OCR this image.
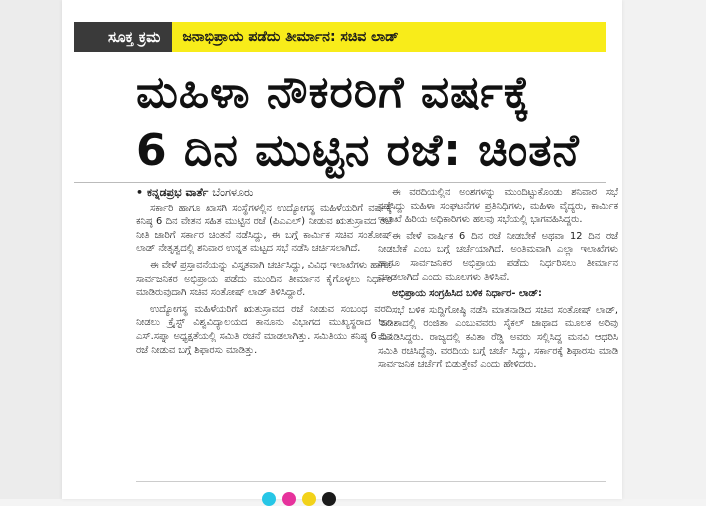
ಸೂಕ್ತ ಕ್ರಮ	ಜನಾಭಿಪ್ರಾಯ ಪಡೆದು ತೀರ್ಮಾನ: ಸಚಿವ ಲಾಡ್
ಮಹಿಳಾ ನೌಕರರಿಗೆ ವರ್ಷಕ್ಕೆ
6 ದಿನ ಮುಟ್ಟಿನ ರಜೆ: ಚಿಂತನೆ

• ಕನ್ನಡಪ್ರಭ ವಾರ್ತೆ ಬೆಂಗಳೂರು

ಸರ್ಕಾರಿ ಹಾಗೂ ಖಾಸಗಿ ಸಂಸ್ಥೆಗಳಲ್ಲಿನ ಉದ್ಯೋಗಸ್ಥ ಮಹಿಳೆಯರಿಗೆ ವರ್ಷಕ್ಕೆ ಕನಿಷ್ಠ 6 ದಿನ ವೇತನ ಸಹಿತ ಮುಟ್ಟಿನ ರಜೆ (ಪಿಎಎಲ್) ನೀಡುವ ಋತುಸ್ರಾವದ ರಜೆ ನೀತಿ ಜಾರಿಗೆ ಸರ್ಕಾರ ಚಿಂತನೆ ನಡೆಸಿದ್ದು, ಈ ಬಗ್ಗೆ ಕಾರ್ಮಿಕ ಸಚಿವ ಸಂತೋಷ್ ಲಾಡ್ ನೇತೃತ್ವದಲ್ಲಿ ಶನಿವಾರ ಉನ್ನತ ಮಟ್ಟದ ಸಭೆ ನಡೆಸಿ ಚರ್ಚಿಸಲಾಗಿದೆ.

ಈ ವೇಳೆ ಪ್ರಸ್ತಾವನೆಯನ್ನು ವಿಸ್ತೃತವಾಗಿ ಚರ್ಚಿಸಿದ್ದು, ವಿವಿಧ ಇಲಾಖೆಗಳು ಹಾಗೂ ಸಾರ್ವಜನಿಕರ ಅಭಿಪ್ರಾಯ ಪಡೆದು ಮುಂದಿನ ತೀರ್ಮಾನ ಕೈಗೊಳ್ಳಲು ನಿರ್ಧಾರ ಮಾಡಿರುವುದಾಗಿ ಸಚಿವ ಸಂತೋಷ್ ಲಾಡ್ ತಿಳಿಸಿದ್ದಾರೆ.

ಉದ್ಯೋಗಸ್ಥ ಮಹಿಳೆಯರಿಗೆ ಋತುಸ್ರಾವದ ರಜೆ ನೀಡುವ ಸಂಬಂಧ ವರದಿ ನೀಡಲು ಕ್ರೈಸ್ಟ್ ವಿಶ್ವವಿದ್ಯಾಲಯದ ಕಾನೂನು ವಿಭಾಗದ ಮುಖ್ಯಸ್ಥರಾದ ಡಾ. ಎಸ್.ಸಪ್ನಾ ಅಧ್ಯಕ್ಷತೆಯಲ್ಲಿ ಸಮಿತಿ ರಚನೆ ಮಾಡಲಾಗಿತ್ತು. ಸಮಿತಿಯು ಕನಿಷ್ಠ 6 ದಿನ ರಜೆ ನೀಡುವ ಬಗ್ಗೆ ಶಿಫಾರಸು ಮಾಡಿತ್ತು.

ಈ ವರದಿಯಲ್ಲಿನ ಅಂಶಗಳನ್ನು ಮುಂದಿಟ್ಟುಕೊಂಡು ಶನಿವಾರ ಸಭೆ ನಡೆಸಿದ್ದು ಮಹಿಳಾ ಸಂಘಟನೆಗಳ ಪ್ರತಿನಿಧಿಗಳು, ಮಹಿಳಾ ವೈದ್ಯರು, ಕಾರ್ಮಿಕ ಇಲಾಖೆ ಹಿರಿಯ ಅಧಿಕಾರಿಗಳು ಹಲವು ಸಭೆಯಲ್ಲಿ ಭಾಗವಹಿಸಿದ್ದರು.

ಈ ವೇಳೆ ವಾರ್ಷಿಕ 6 ದಿನ ರಜೆ ನೀಡಬೇಕೆ ಅಥವಾ 12 ದಿನ ರಜೆ ನೀಡಬೇಕೆ ಎಂಬ ಬಗ್ಗೆ ಚರ್ಚೆಯಾಗಿದೆ. ಅಂತಿಮವಾಗಿ ಎಲ್ಲಾ ಇಲಾಖೆಗಳು ಹಾಗೂ ಸಾರ್ವಜನಿಕರ ಅಭಿಪ್ರಾಯ ಪಡೆದು ನಿರ್ಧರಿಸಲು ತೀರ್ಮಾನ ಮಾಡಲಾಗಿದೆ ಎಂದು ಮೂಲಗಳು ತಿಳಿಸಿವೆ.

ಅಭಿಪ್ರಾಯ ಸಂಗ್ರಹಿಸಿದ ಬಳಿಕ ನಿರ್ಧಾರ- ಲಾಡ್:

ಸಭೆ ಬಳಿಕ ಸುದ್ದಿಗೋಷ್ಠಿ ನಡೆಸಿ ಮಾತನಾಡಿದ ಸಚಿವ ಸಂತೋಷ್ ಲಾಡ್, 'ಒಡಿಶಾದಲ್ಲಿ ರಂಜಿತಾ ಎಂಬುವವರು ಸೈಕಲ್ ಜಾಥಾದ ಮೂಲಕ ಅರಿವು ಮೂಡಿಸಿದ್ದರು. ರಾಜ್ಯದಲ್ಲಿ ಕವಿತಾ ರೆಡ್ಡಿ ಅವರು ಸಲ್ಲಿಸಿದ್ದ ಮನವಿ ಆಧರಿಸಿ ಸಮಿತಿ ರಚಿಸಿದ್ದೆವು. ವರದಿಯ ಬಗ್ಗೆ ಚರ್ಚೆ ಸಿದ್ದು, ಸರ್ಕಾರಕ್ಕೆ ಶಿಫಾರಸು ಮಾಡಿ ಸಾರ್ವಜನಿಕ ಚರ್ಚೆಗೆ ಬಿಡುತ್ತೇವೆ ಎಂದು ಹೇಳಿದರು.
